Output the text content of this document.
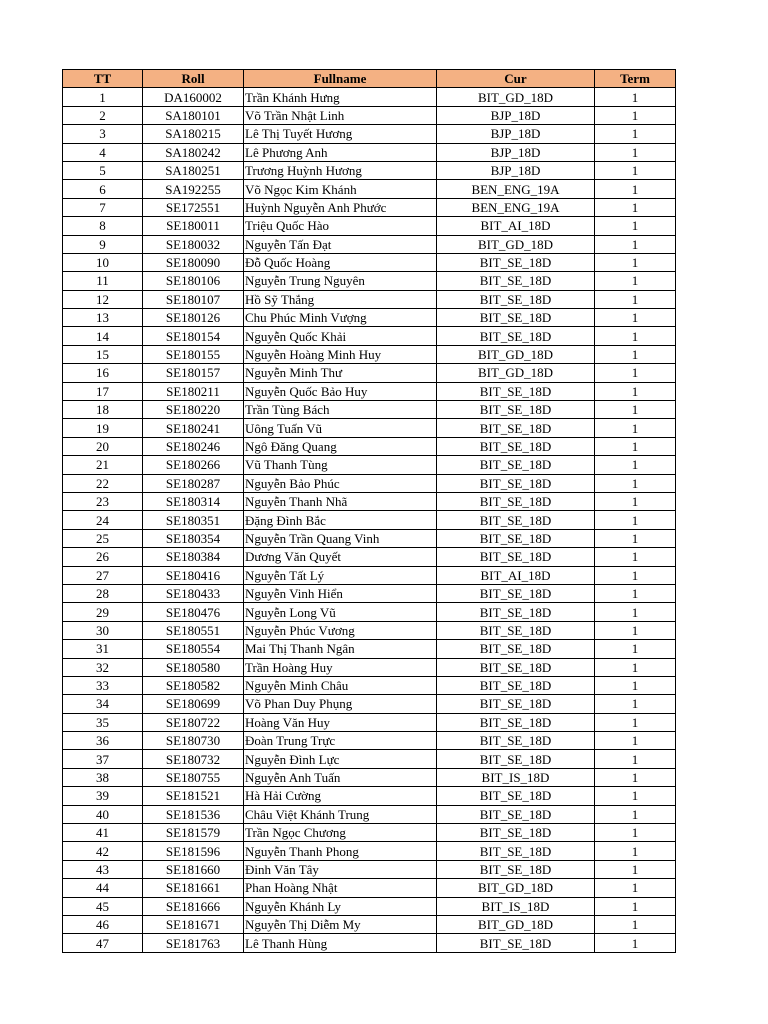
TT	Roll	Fullname	Cur	Term
1	DA160002	Trần Khánh Hưng	BIT_GD_18D	1
2	SA180101	Võ Trần Nhật Linh	BJP_18D	1
3	SA180215	Lê Thị Tuyết Hương	BJP_18D	1
4	SA180242	Lê Phương Anh	BJP_18D	1
5	SA180251	Trương Huỳnh Hương	BJP_18D	1
6	SA192255	Võ Ngọc Kim Khánh	BEN_ENG_19A	1
7	SE172551	Huỳnh Nguyễn Anh Phước	BEN_ENG_19A	1
8	SE180011	Triệu Quốc Hào	BIT_AI_18D	1
9	SE180032	Nguyễn Tấn Đạt	BIT_GD_18D	1
10	SE180090	Đỗ Quốc Hoàng	BIT_SE_18D	1
11	SE180106	Nguyễn Trung Nguyên	BIT_SE_18D	1
12	SE180107	Hồ Sỹ Thắng	BIT_SE_18D	1
13	SE180126	Chu Phúc Minh Vượng	BIT_SE_18D	1
14	SE180154	Nguyễn Quốc Khải	BIT_SE_18D	1
15	SE180155	Nguyễn Hoàng Minh Huy	BIT_GD_18D	1
16	SE180157	Nguyễn Minh Thư	BIT_GD_18D	1
17	SE180211	Nguyễn Quốc Bảo Huy	BIT_SE_18D	1
18	SE180220	Trần Tùng Bách	BIT_SE_18D	1
19	SE180241	Uông Tuấn Vũ	BIT_SE_18D	1
20	SE180246	Ngô Đăng Quang	BIT_SE_18D	1
21	SE180266	Vũ Thanh Tùng	BIT_SE_18D	1
22	SE180287	Nguyễn Bảo Phúc	BIT_SE_18D	1
23	SE180314	Nguyễn Thanh Nhã	BIT_SE_18D	1
24	SE180351	Đặng Đình Bắc	BIT_SE_18D	1
25	SE180354	Nguyễn Trần Quang Vinh	BIT_SE_18D	1
26	SE180384	Dương Văn Quyết	BIT_SE_18D	1
27	SE180416	Nguyễn Tất Lý	BIT_AI_18D	1
28	SE180433	Nguyễn Vinh Hiển	BIT_SE_18D	1
29	SE180476	Nguyễn Long Vũ	BIT_SE_18D	1
30	SE180551	Nguyễn Phúc Vương	BIT_SE_18D	1
31	SE180554	Mai Thị Thanh Ngân	BIT_SE_18D	1
32	SE180580	Trần Hoàng Huy	BIT_SE_18D	1
33	SE180582	Nguyễn Minh Châu	BIT_SE_18D	1
34	SE180699	Võ Phan Duy Phụng	BIT_SE_18D	1
35	SE180722	Hoàng Văn Huy	BIT_SE_18D	1
36	SE180730	Đoàn Trung Trực	BIT_SE_18D	1
37	SE180732	Nguyễn Đình Lực	BIT_SE_18D	1
38	SE180755	Nguyễn Anh Tuấn	BIT_IS_18D	1
39	SE181521	Hà Hải Cường	BIT_SE_18D	1
40	SE181536	Châu Việt Khánh Trung	BIT_SE_18D	1
41	SE181579	Trần Ngọc Chương	BIT_SE_18D	1
42	SE181596	Nguyễn Thanh Phong	BIT_SE_18D	1
43	SE181660	Đinh Văn Tây	BIT_SE_18D	1
44	SE181661	Phan Hoàng Nhật	BIT_GD_18D	1
45	SE181666	Nguyễn Khánh Ly	BIT_IS_18D	1
46	SE181671	Nguyễn Thị Diễm My	BIT_GD_18D	1
47	SE181763	Lê Thanh Hùng	BIT_SE_18D	1
